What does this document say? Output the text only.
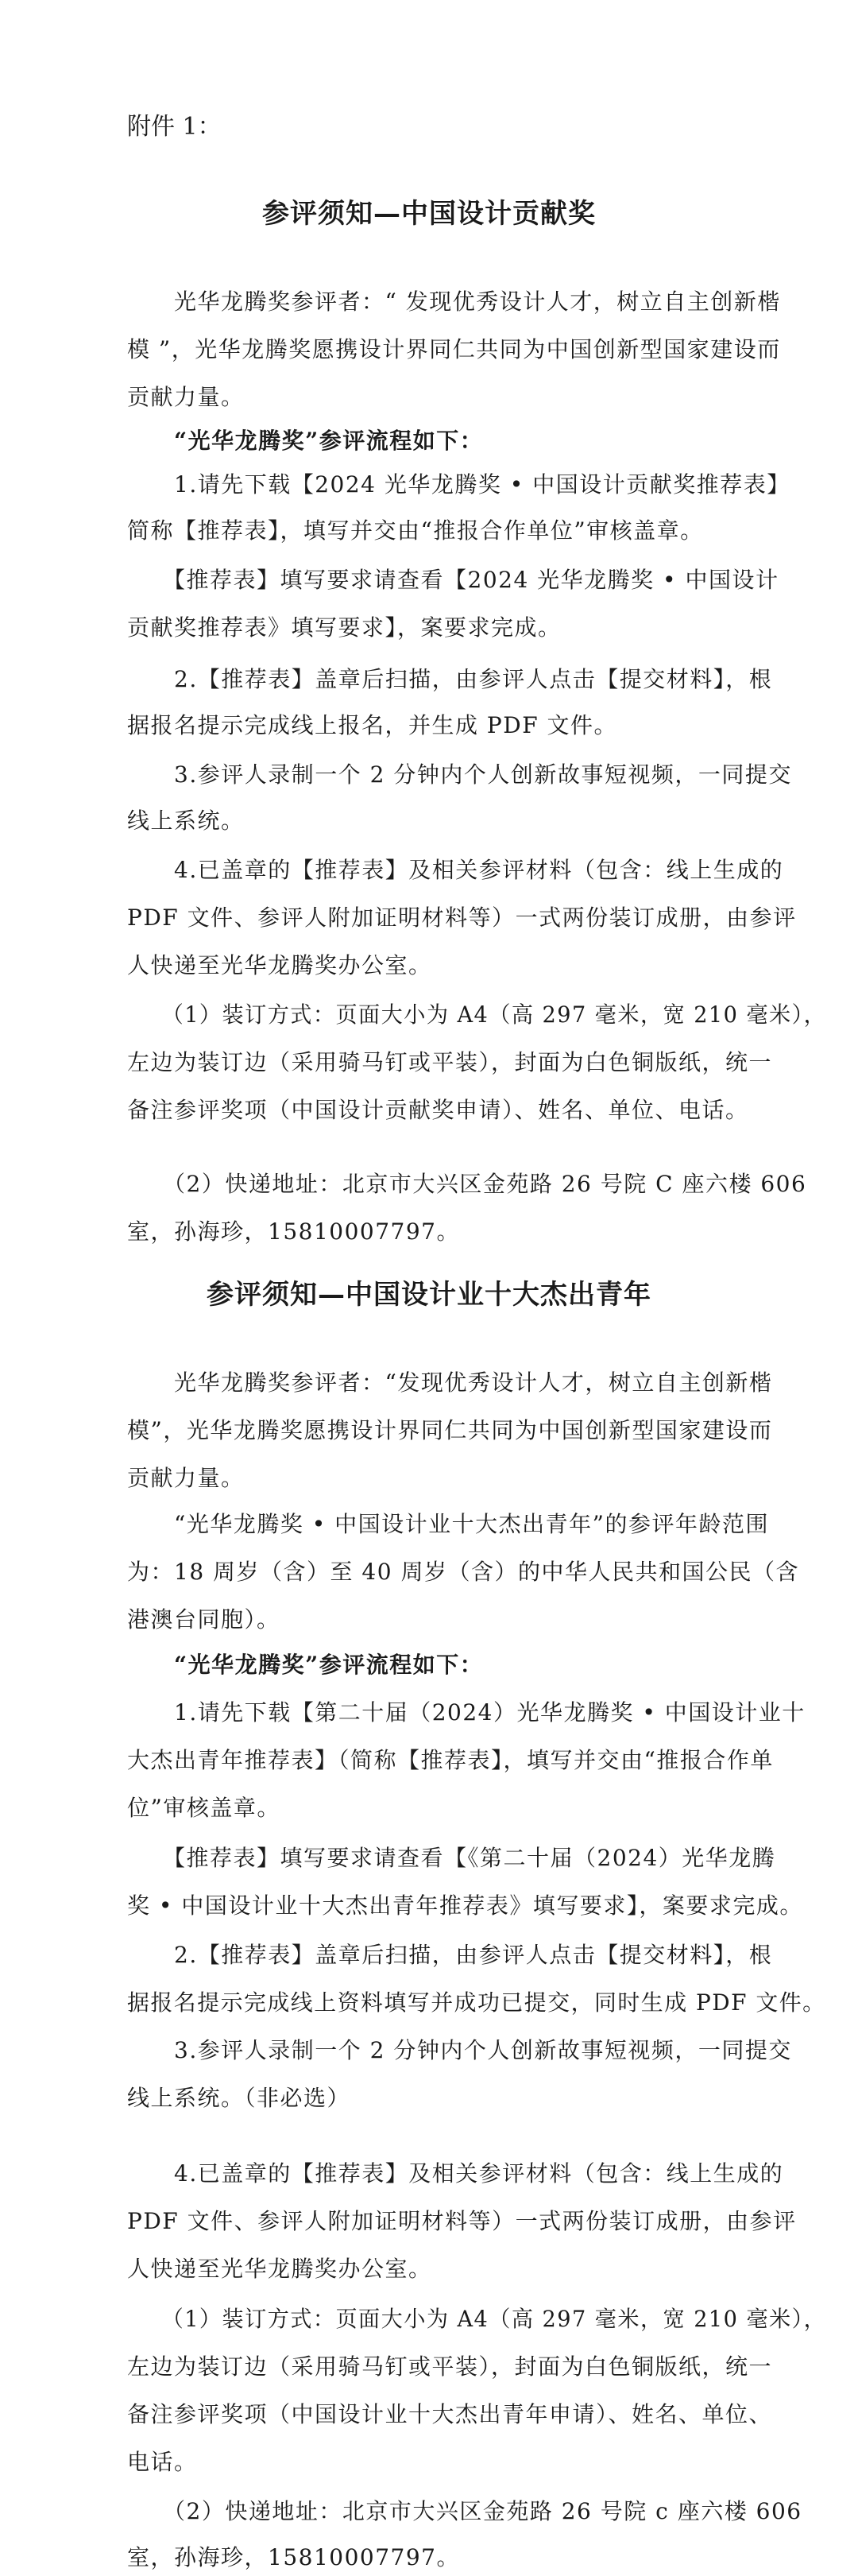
附件 1：
参评须知—中国设计贡献奖
　　光华龙腾奖参评者：“ 发现优秀设计人才，树立自主创新楷
模 ”，光华龙腾奖愿携设计界同仁共同为中国创新型国家建设而
贡献力量。
　　“光华龙腾奖”参评流程如下：
　　1.请先下载【2024 光华龙腾奖 • 中国设计贡献奖推荐表】
简称【推荐表】，填写并交由“推报合作单位”审核盖章。
　　【推荐表】填写要求请查看【2024 光华龙腾奖 • 中国设计
贡献奖推荐表》填写要求】，案要求完成。
　　2.【推荐表】盖章后扫描，由参评人点击【提交材料】，根
据报名提示完成线上报名，并生成 PDF 文件。
　　3.参评人录制一个 2 分钟内个人创新故事短视频，一同提交
线上系统。
　　4.已盖章的【推荐表】及相关参评材料（包含：线上生成的
PDF 文件、参评人附加证明材料等）一式两份装订成册，由参评
人快递至光华龙腾奖办公室。
　　（1）装订方式：页面大小为 A4（高 297 毫米，宽 210 毫米），
左边为装订边（采用骑马钉或平装），封面为白色铜版纸，统一
备注参评奖项（中国设计贡献奖申请）、姓名、单位、电话。
　　（2）快递地址：北京市大兴区金苑路 26 号院 C 座六楼 606
室，孙海珍，15810007797。
参评须知—中国设计业十大杰出青年
　　光华龙腾奖参评者：“发现优秀设计人才，树立自主创新楷
模”，光华龙腾奖愿携设计界同仁共同为中国创新型国家建设而
贡献力量。
　　“光华龙腾奖 • 中国设计业十大杰出青年”的参评年龄范围
为：18 周岁（含）至 40 周岁（含）的中华人民共和国公民（含
港澳台同胞）。
　　“光华龙腾奖”参评流程如下：
　　1.请先下载【第二十届（2024）光华龙腾奖 • 中国设计业十
大杰出青年推荐表】（简称【推荐表】，填写并交由“推报合作单
位”审核盖章。
　　【推荐表】填写要求请查看【《第二十届（2024）光华龙腾
奖 • 中国设计业十大杰出青年推荐表》填写要求】，案要求完成。
　　2.【推荐表】盖章后扫描，由参评人点击【提交材料】，根
据报名提示完成线上资料填写并成功已提交，同时生成 PDF 文件。
　　3.参评人录制一个 2 分钟内个人创新故事短视频，一同提交
线上系统。（非必选）
　　4.已盖章的【推荐表】及相关参评材料（包含：线上生成的
PDF 文件、参评人附加证明材料等）一式两份装订成册，由参评
人快递至光华龙腾奖办公室。
　　（1）装订方式：页面大小为 A4（高 297 毫米，宽 210 毫米），
左边为装订边（采用骑马钉或平装），封面为白色铜版纸，统一
备注参评奖项（中国设计业十大杰出青年申请）、姓名、单位、
电话。
　　（2）快递地址：北京市大兴区金苑路 26 号院 c 座六楼 606
室，孙海珍，15810007797。
